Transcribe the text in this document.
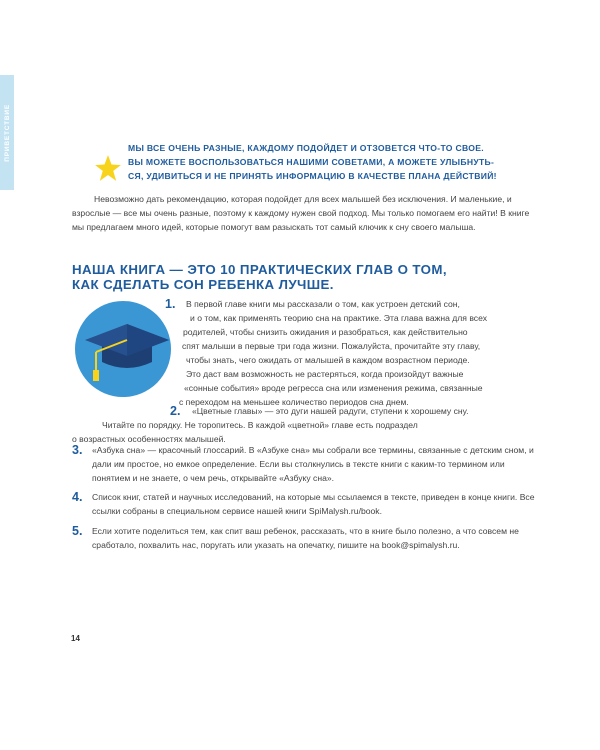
ПРИВЕТСТВИЕ	МЫ ВСЕ ОЧЕНЬ РАЗНЫЕ, КАЖДОМУ ПОДОЙДЕТ И ОТЗОВЕТСЯ ЧТО-ТО СВОЕ.
ВЫ МОЖЕТЕ ВОСПОЛЬЗОВАТЬСЯ НАШИМИ СОВЕТАМИ, А МОЖЕТЕ УЛЫБНУТЬ-
СЯ, УДИВИТЬСЯ И НЕ ПРИНЯТЬ ИНФОРМАЦИЮ В КАЧЕСТВЕ ПЛАНА ДЕЙСТВИЙ!

Невозможно дать рекомендацию, которая подойдет для всех малышей без исключения. И маленькие, и взрослые — все мы очень разные, поэтому к каждому нужен свой подход. Мы только помогаем его найти! В книге мы предлагаем много идей, которые помогут вам разыскать тот самый ключик к сну своего малыша.

НАША КНИГА — ЭТО 10 ПРАКТИЧЕСКИХ ГЛАВ О ТОМ,
КАК СДЕЛАТЬ СОН РЕБЕНКА ЛУЧШЕ.
1. В первой главе книги мы рассказали о том, как устроен детский сон,
и о том, как применять теорию сна на практике. Эта глава важна для всех
родителей, чтобы снизить ожидания и разобраться, как действительно
спят малыши в первые три года жизни. Пожалуйста, прочитайте эту главу,
чтобы знать, чего ожидать от малышей в каждом возрастном периоде.
Это даст вам возможность не растеряться, когда произойдут важные
«сонные события» вроде регресса сна или изменения режима, связанные
с переходом на меньшее количество периодов сна днем.
2. «Цветные главы» — это дуги нашей радуги, ступени к хорошему сну.
Читайте по порядку. Не торопитесь. В каждой «цветной» главе есть подраздел
о возрастных особенностях малышей.
3.	«Азбука сна» — красочный глоссарий. В «Азбуке сна» мы собрали все термины, связанные с детским сном, и дали им простое, но емкое определение. Если вы столкнулись в тексте книги с каким-то термином или понятием и не знаете, о чем речь, открывайте «Азбуку сна».
4.	Список книг, статей и научных исследований, на которые мы ссылаемся в тексте, приведен в конце книги. Все ссылки собраны в специальном сервисе нашей книги SpiMalysh.ru/book.
5.	Если хотите поделиться тем, как спит ваш ребенок, рассказать, что в книге было полезно, а что совсем не сработало, похвалить нас, поругать или указать на опечатку, пишите на book@spimalysh.ru.
14
